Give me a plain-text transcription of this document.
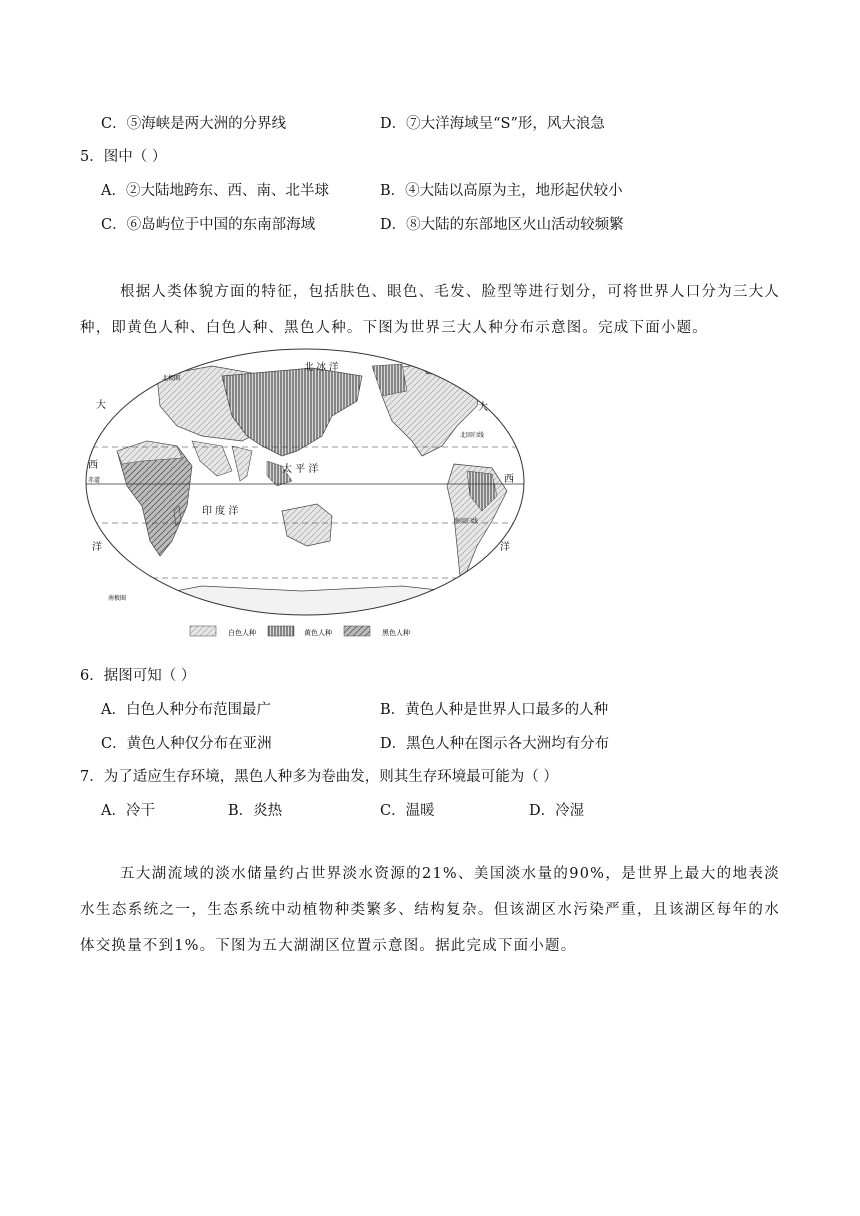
C．⑤海峡是两大洲的分界线	D．⑦大洋海域呈“S”形，风大浪急
5．图中（ ）
A．②大陆地跨东、西、南、北半球	B．④大陆以高原为主，地形起伏较小
C．⑥岛屿位于中国的东南部海域	D．⑧大陆的东部地区火山活动较频繁
根据人类体貌方面的特征，包括肤色、眼色、毛发、脸型等进行划分，可将世界人口分为三大人种，即黄色人种、白色人种、黑色人种。下图为世界三大人种分布示意图。完成下面小题。
北 冰 洋
北极圈
太 平 洋
印 度 洋
大
西
洋
大
西
洋
赤道
北回归线
南回归线
南极圈
白色人种	黄色人种	黑色人种
6．据图可知（ ）
A．白色人种分布范围最广	B．黄色人种是世界人口最多的人种
C．黄色人种仅分布在亚洲	D．黑色人种在图示各大洲均有分布
7．为了适应生存环境，黑色人种多为卷曲发，则其生存环境最可能为（ ）
A．冷干	B．炎热	C．温暖	D．冷湿
五大湖流域的淡水储量约占世界淡水资源的21%、美国淡水量的90%，是世界上最大的地表淡水生态系统之一，生态系统中动植物种类繁多、结构复杂。但该湖区水污染严重，且该湖区每年的水体交换量不到1%。下图为五大湖湖区位置示意图。据此完成下面小题。
